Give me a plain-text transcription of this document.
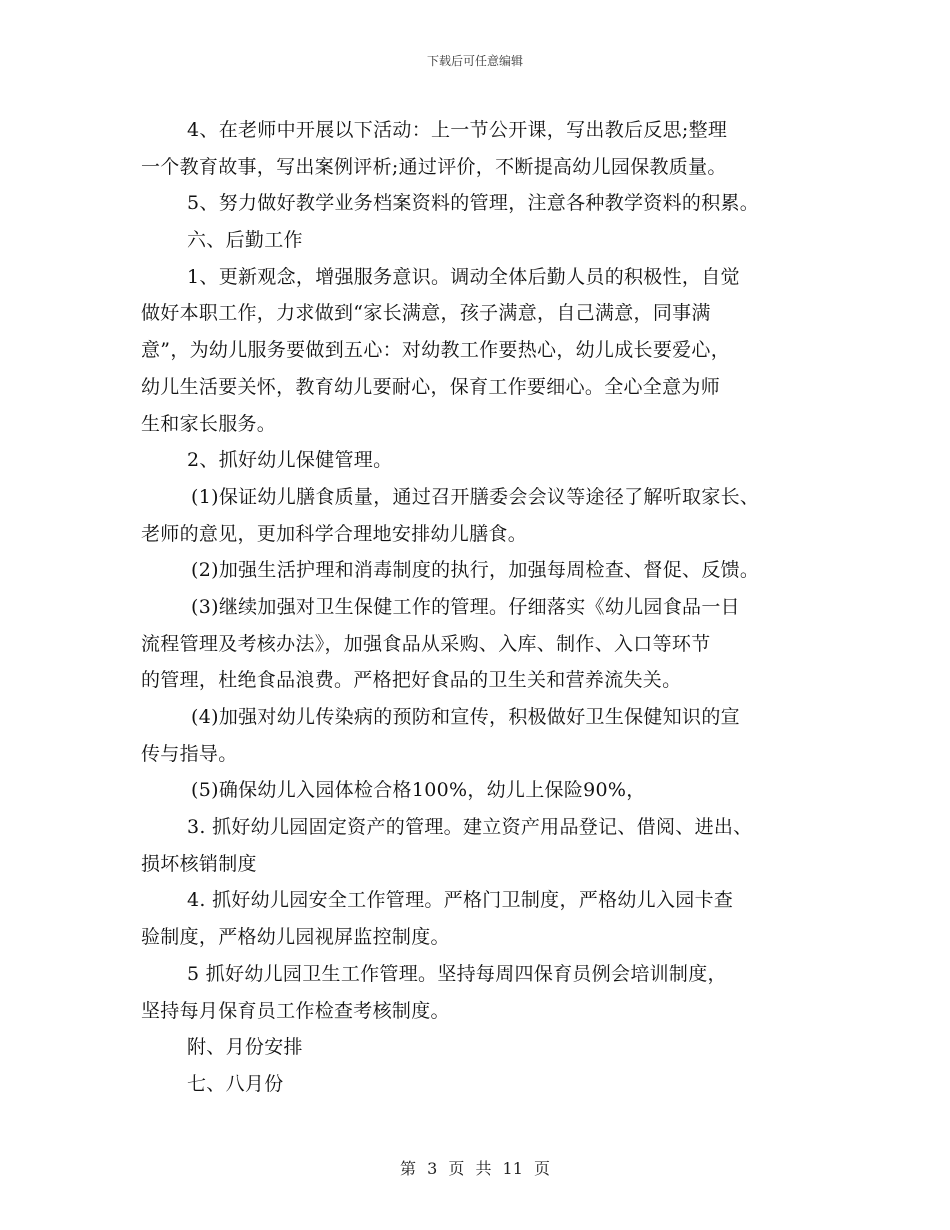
下载后可任意编辑
4、在老师中开展以下活动：上一节公开课，写出教后反思;整理
一个教育故事，写出案例评析;通过评价，不断提高幼儿园保教质量。
5、努力做好教学业务档案资料的管理，注意各种教学资料的积累。
六、后勤工作
1、更新观念，增强服务意识。调动全体后勤人员的积极性，自觉
做好本职工作，力求做到“家长满意，孩子满意，自己满意，同事满
意”，为幼儿服务要做到五心：对幼教工作要热心，幼儿成长要爱心，
幼儿生活要关怀，教育幼儿要耐心，保育工作要细心。全心全意为师
生和家长服务。
2、抓好幼儿保健管理。
(1)保证幼儿膳食质量，通过召开膳委会会议等途径了解听取家长、
老师的意见，更加科学合理地安排幼儿膳食。
(2)加强生活护理和消毒制度的执行，加强每周检查、督促、反馈。
(3)继续加强对卫生保健工作的管理。仔细落实《幼儿园食品一日
流程管理及考核办法》，加强食品从采购、入库、制作、入口等环节
的管理，杜绝食品浪费。严格把好食品的卫生关和营养流失关。
(4)加强对幼儿传染病的预防和宣传，积极做好卫生保健知识的宣
传与指导。
(5)确保幼儿入园体检合格100%，幼儿上保险90%，
3. 抓好幼儿园固定资产的管理。建立资产用品登记、借阅、进出、
损坏核销制度
4. 抓好幼儿园安全工作管理。严格门卫制度，严格幼儿入园卡查
验制度，严格幼儿园视屏监控制度。
5 抓好幼儿园卫生工作管理。坚持每周四保育员例会培训制度，
坚持每月保育员工作检查考核制度。
附、月份安排
七、八月份
第 3 页 共 11 页
